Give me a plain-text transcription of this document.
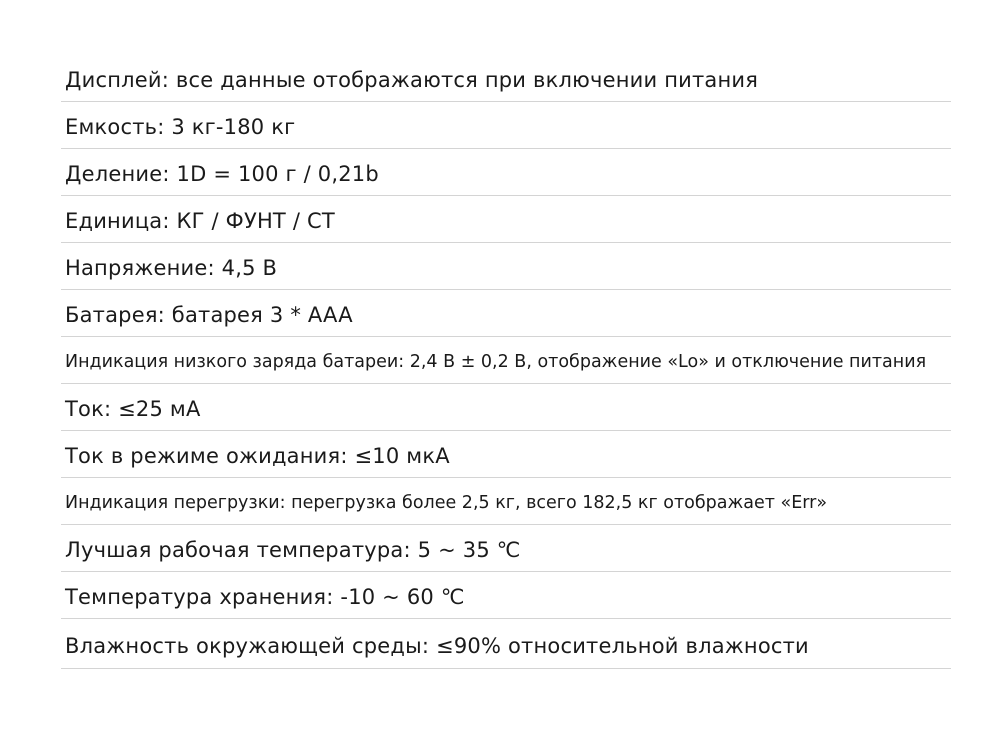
Дисплей: все данные отображаются при включении питания
Емкость: 3 кг-180 кг
Деление: 1D = 100 г / 0,21b
Единица: КГ / ФУНТ / СТ
Напряжение: 4,5 В
Батарея: батарея 3 * AAA
Индикация низкого заряда батареи: 2,4 В ± 0,2 В, отображение «Lo» и отключение питания
Ток: ≤25 мА
Ток в режиме ожидания: ≤10 мкА
Индикация перегрузки: перегрузка более 2,5 кг, всего 182,5 кг отображает «Err»
Лучшая рабочая температура: 5 ~ 35 ℃
Температура хранения: -10 ~ 60 ℃
Влажность окружающей среды: ≤90% относительной влажности
